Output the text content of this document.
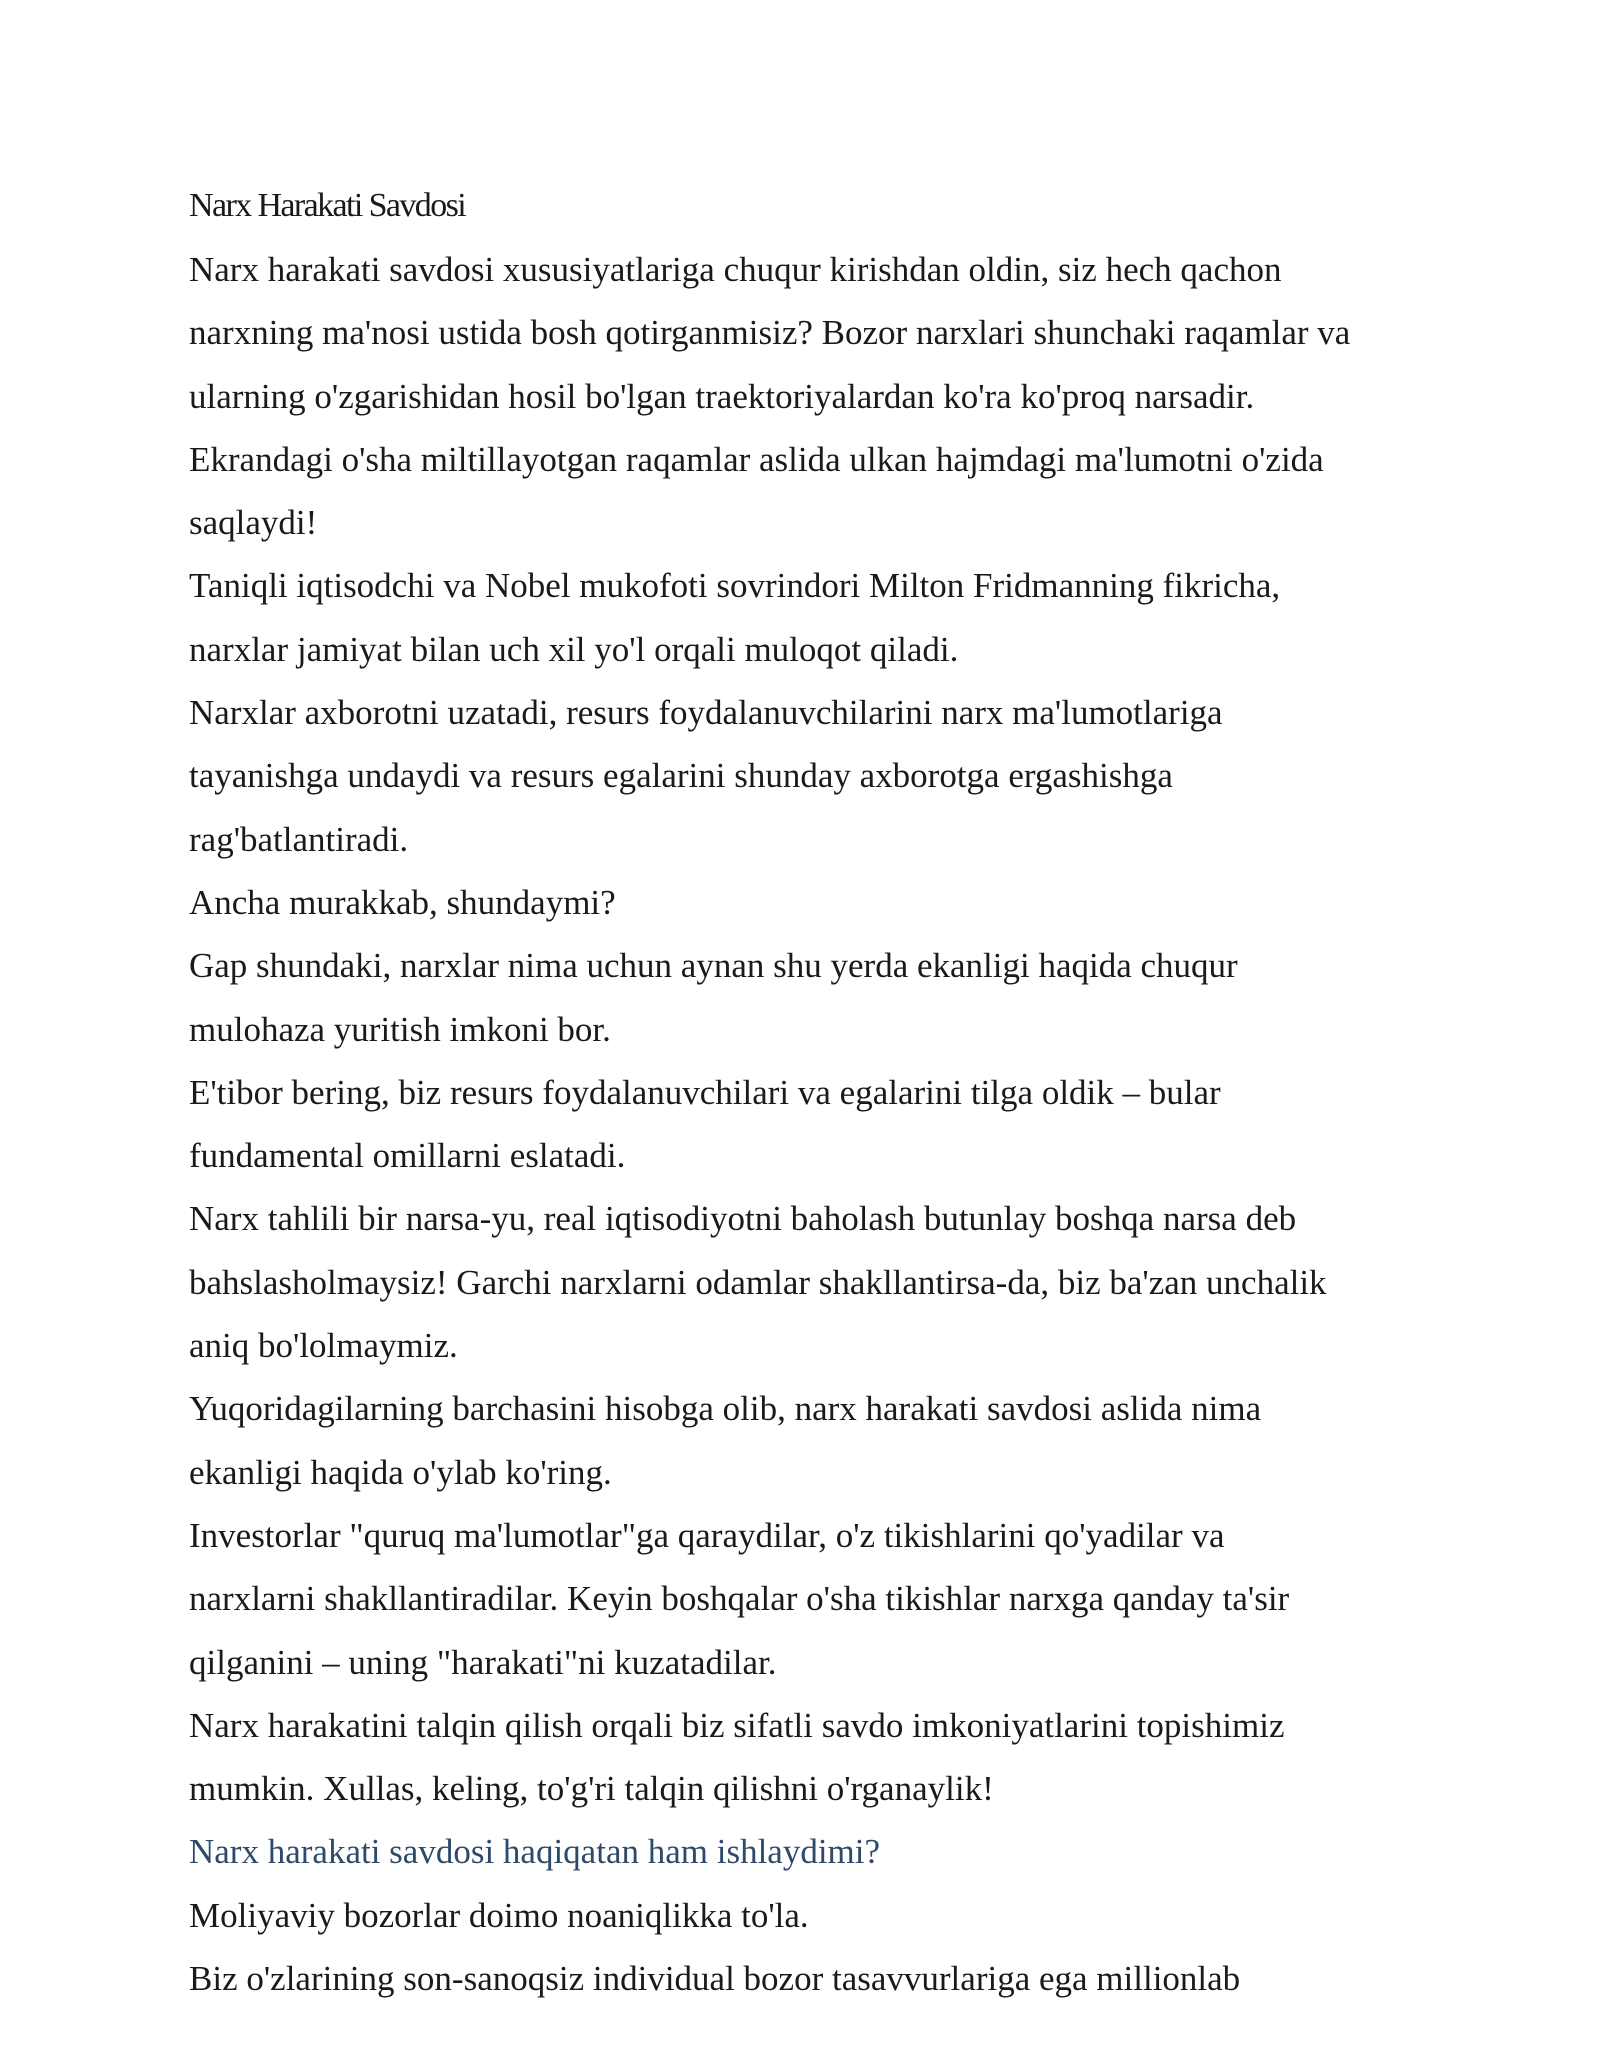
Narx Harakati Savdosi

Narx harakati savdosi xususiyatlariga chuqur kirishdan oldin, siz hech qachon
narxning ma'nosi ustida bosh qotirganmisiz? Bozor narxlari shunchaki raqamlar va
ularning o'zgarishidan hosil bo'lgan traektoriyalardan ko'ra ko'proq narsadir.
Ekrandagi o'sha miltillayotgan raqamlar aslida ulkan hajmdagi ma'lumotni o'zida
saqlaydi!

Taniqli iqtisodchi va Nobel mukofoti sovrindori Milton Fridmanning fikricha,
narxlar jamiyat bilan uch xil yo'l orqali muloqot qiladi.

Narxlar axborotni uzatadi, resurs foydalanuvchilarini narx ma'lumotlariga
tayanishga undaydi va resurs egalarini shunday axborotga ergashishga
rag'batlantiradi.

Ancha murakkab, shundaymi?

Gap shundaki, narxlar nima uchun aynan shu yerda ekanligi haqida chuqur
mulohaza yuritish imkoni bor.

E'tibor bering, biz resurs foydalanuvchilari va egalarini tilga oldik – bular
fundamental omillarni eslatadi.

Narx tahlili bir narsa-yu, real iqtisodiyotni baholash butunlay boshqa narsa deb
bahslasholmaysiz! Garchi narxlarni odamlar shakllantirsa-da, biz ba'zan unchalik
aniq bo'lolmaymiz.

Yuqoridagilarning barchasini hisobga olib, narx harakati savdosi aslida nima
ekanligi haqida o'ylab ko'ring.

Investorlar "quruq ma'lumotlar"ga qaraydilar, o'z tikishlarini qo'yadilar va
narxlarni shakllantiradilar. Keyin boshqalar o'sha tikishlar narxga qanday ta'sir
qilganini – uning "harakati"ni kuzatadilar.

Narx harakatini talqin qilish orqali biz sifatli savdo imkoniyatlarini topishimiz
mumkin. Xullas, keling, to'g'ri talqin qilishni o'rganaylik!

Narx harakati savdosi haqiqatan ham ishlaydimi?

Moliyaviy bozorlar doimo noaniqlikka to'la.

Biz o'zlarining son-sanoqsiz individual bozor tasavvurlariga ega millionlab
